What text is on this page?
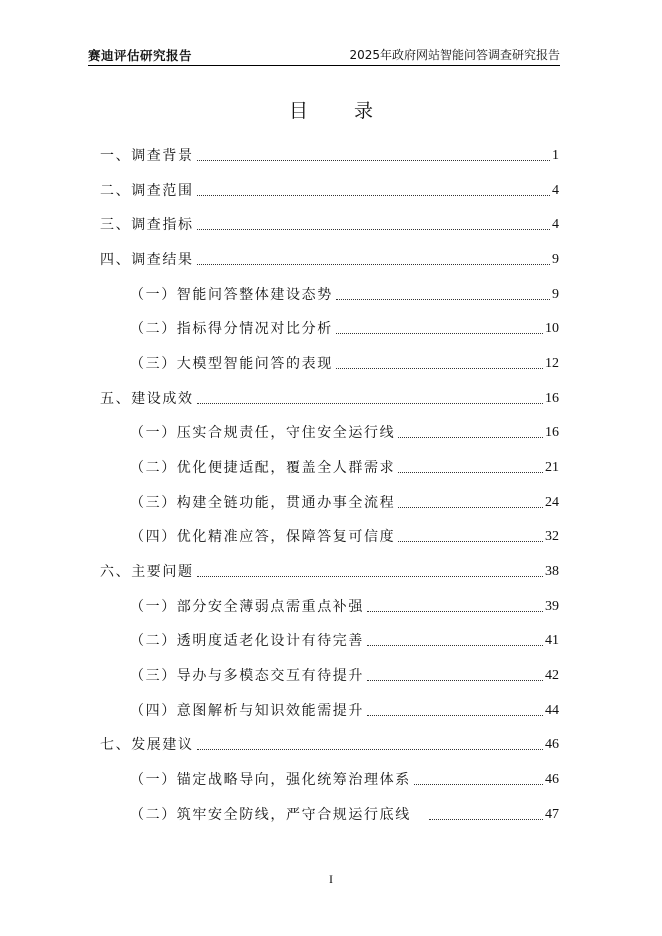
赛迪评估研究报告	2025年政府网站智能问答调查研究报告
目 录
一、调查背景	1
二、调查范围	4
三、调查指标	4
四、调查结果	9
（一）智能问答整体建设态势	9
（二）指标得分情况对比分析	10
（三）大模型智能问答的表现	12
五、建设成效	16
（一）压实合规责任，守住安全运行线	16
（二）优化便捷适配，覆盖全人群需求	21
（三）构建全链功能，贯通办事全流程	24
（四）优化精准应答，保障答复可信度	32
六、主要问题	38
（一）部分安全薄弱点需重点补强	39
（二）透明度适老化设计有待完善	41
（三）导办与多模态交互有待提升	42
（四）意图解析与知识效能需提升	44
七、发展建议	46
（一）锚定战略导向，强化统筹治理体系	46
（二）筑牢安全防线，严守合规运行底线	47
I
